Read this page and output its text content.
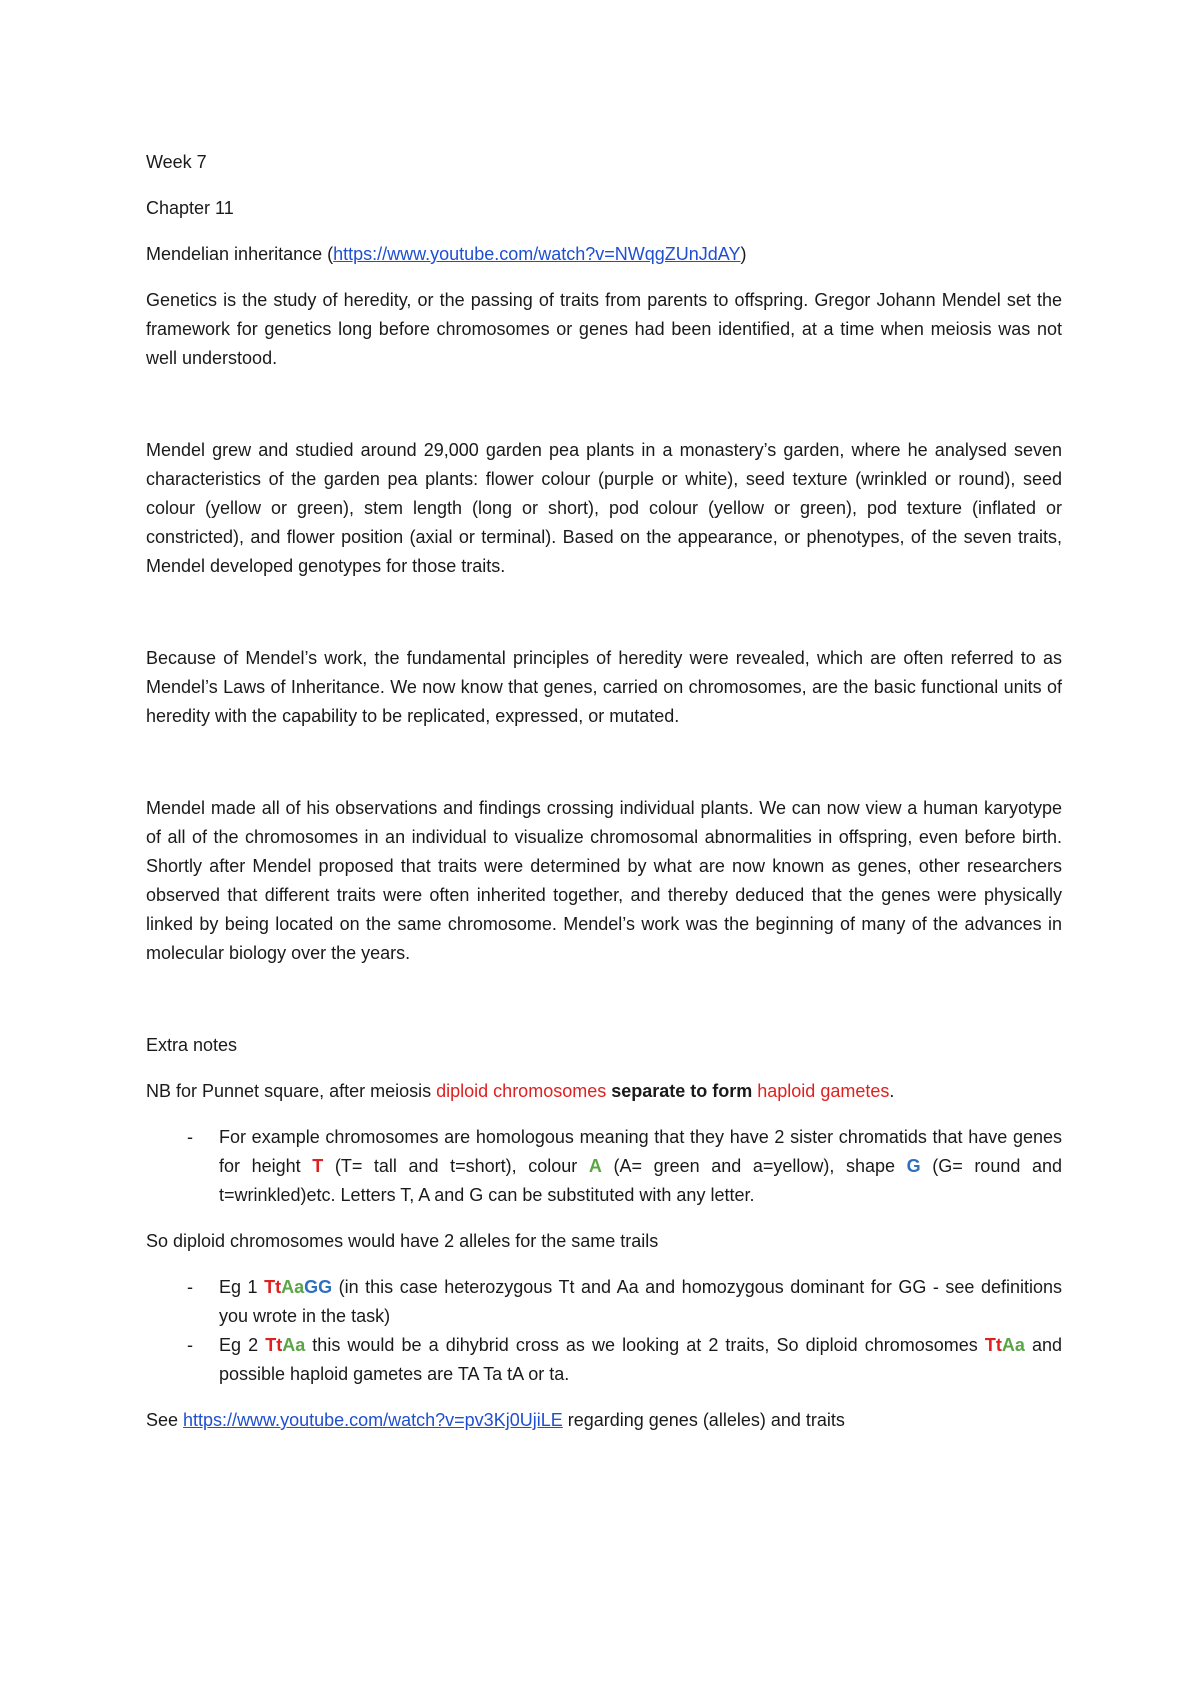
Week 7

Chapter 11

Mendelian inheritance (https://www.youtube.com/watch?v=NWqgZUnJdAY)

Genetics is the study of heredity, or the passing of traits from parents to offspring. Gregor Johann Mendel set the framework for genetics long before chromosomes or genes had been identified, at a time when meiosis was not well understood.

Mendel grew and studied around 29,000 garden pea plants in a monastery’s garden, where he analysed seven characteristics of the garden pea plants: flower colour (purple or white), seed texture (wrinkled or round), seed colour (yellow or green), stem length (long or short), pod colour (yellow or green), pod texture (inflated or constricted), and flower position (axial or terminal). Based on the appearance, or phenotypes, of the seven traits, Mendel developed genotypes for those traits.

Because of Mendel’s work, the fundamental principles of heredity were revealed, which are often referred to as Mendel’s Laws of Inheritance. We now know that genes, carried on chromosomes, are the basic functional units of heredity with the capability to be replicated, expressed, or mutated.

Mendel made all of his observations and findings crossing individual plants. We can now view a human karyotype of all of the chromosomes in an individual to visualize chromosomal abnormalities in offspring, even before birth. Shortly after Mendel proposed that traits were determined by what are now known as genes, other researchers observed that different traits were often inherited together, and thereby deduced that the genes were physically linked by being located on the same chromosome. Mendel’s work was the beginning of many of the advances in molecular biology over the years.

Extra notes

NB for Punnet square, after meiosis diploid chromosomes separate to form haploid gametes.

- For example chromosomes are homologous meaning that they have 2 sister chromatids that have genes for height T (T= tall and t=short), colour A (A= green and a=yellow), shape G (G= round and t=wrinkled)etc. Letters T, A and G can be substituted with any letter.

So diploid chromosomes would have 2 alleles for the same trails

- Eg 1 TtAaGG (in this case heterozygous Tt and Aa and homozygous dominant for GG - see definitions you wrote in the task)
- Eg 2 TtAa this would be a dihybrid cross as we looking at 2 traits, So diploid chromosomes TtAa and possible haploid gametes are TA Ta tA or ta.

See https://www.youtube.com/watch?v=pv3Kj0UjiLE regarding genes (alleles) and traits
